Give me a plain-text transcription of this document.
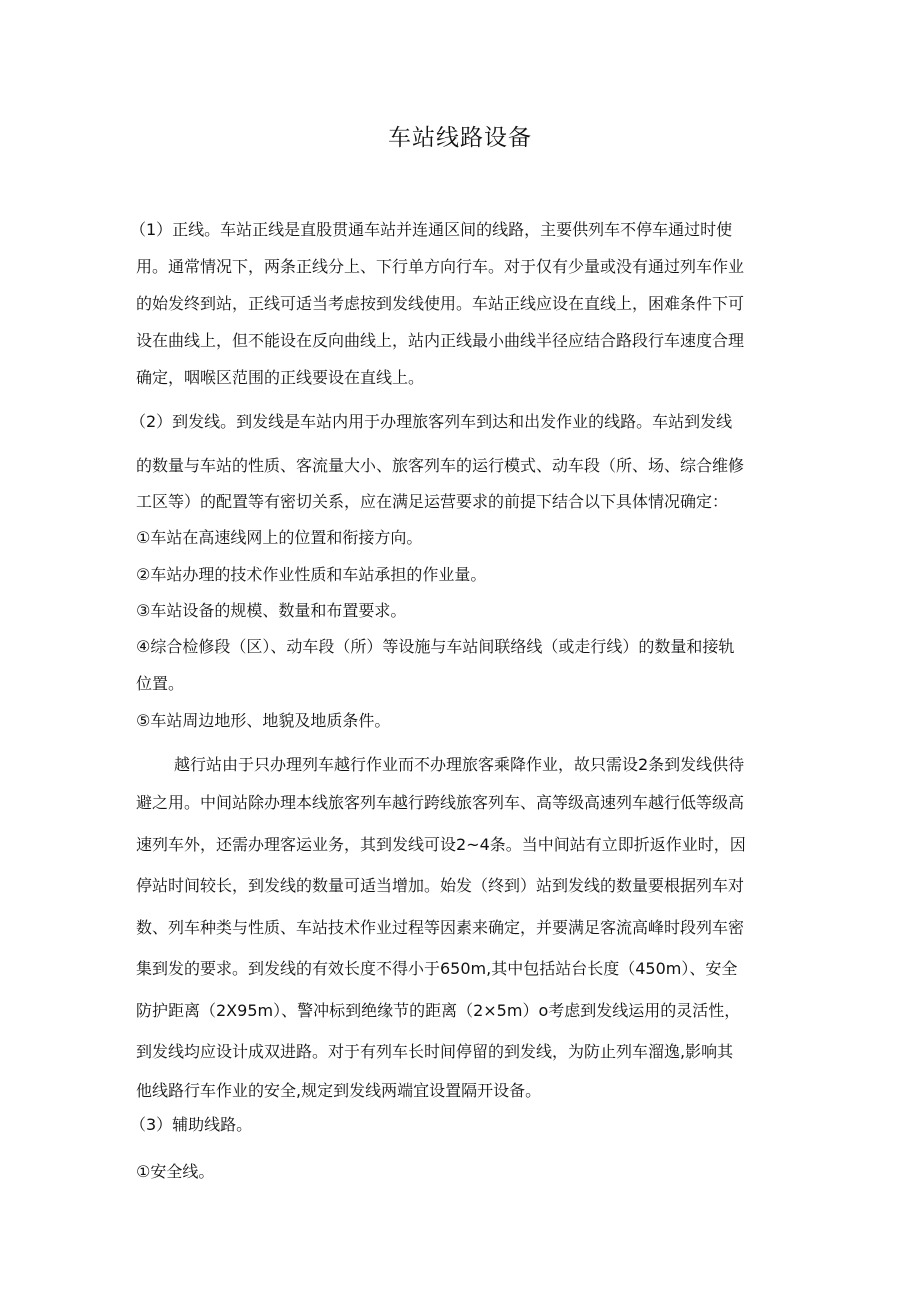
车站线路设备
（1）正线。车站正线是直股贯通车站并连通区间的线路，主要供列车不停车通过时使
用。通常情况下，两条正线分上、下行单方向行车。对于仅有少量或没有通过列车作业
的始发终到站，正线可适当考虑按到发线使用。车站正线应设在直线上，困难条件下可
设在曲线上，但不能设在反向曲线上，站内正线最小曲线半径应结合路段行车速度合理
确定，咽喉区范围的正线要设在直线上。
（2）到发线。到发线是车站内用于办理旅客列车到达和出发作业的线路。车站到发线
的数量与车站的性质、客流量大小、旅客列车的运行模式、动车段（所、场、综合维修
工区等）的配置等有密切关系，应在满足运营要求的前提下结合以下具体情况确定：
①车站在高速线网上的位置和衔接方向。
②车站办理的技术作业性质和车站承担的作业量。
③车站设备的规模、数量和布置要求。
④综合检修段（区）、动车段（所）等设施与车站间联络线（或走行线）的数量和接轨
位置。
⑤车站周边地形、地貌及地质条件。
越行站由于只办理列车越行作业而不办理旅客乘降作业，故只需设2条到发线供待
避之用。中间站除办理本线旅客列车越行跨线旅客列车、高等级高速列车越行低等级高
速列车外，还需办理客运业务，其到发线可设2~4条。当中间站有立即折返作业时，因
停站时间较长，到发线的数量可适当增加。始发（终到）站到发线的数量要根据列车对
数、列车种类与性质、车站技术作业过程等因素来确定，并要满足客流高峰时段列车密
集到发的要求。到发线的有效长度不得小于650m,其中包括站台长度（450m）、安全
防护距离（2X95m）、警冲标到绝缘节的距离（2×5m）o考虑到发线运用的灵活性，
到发线均应设计成双进路。对于有列车长时间停留的到发线，为防止列车溜逸,影响其
他线路行车作业的安全,规定到发线两端宜设置隔开设备。
（3）辅助线路。
①安全线。
